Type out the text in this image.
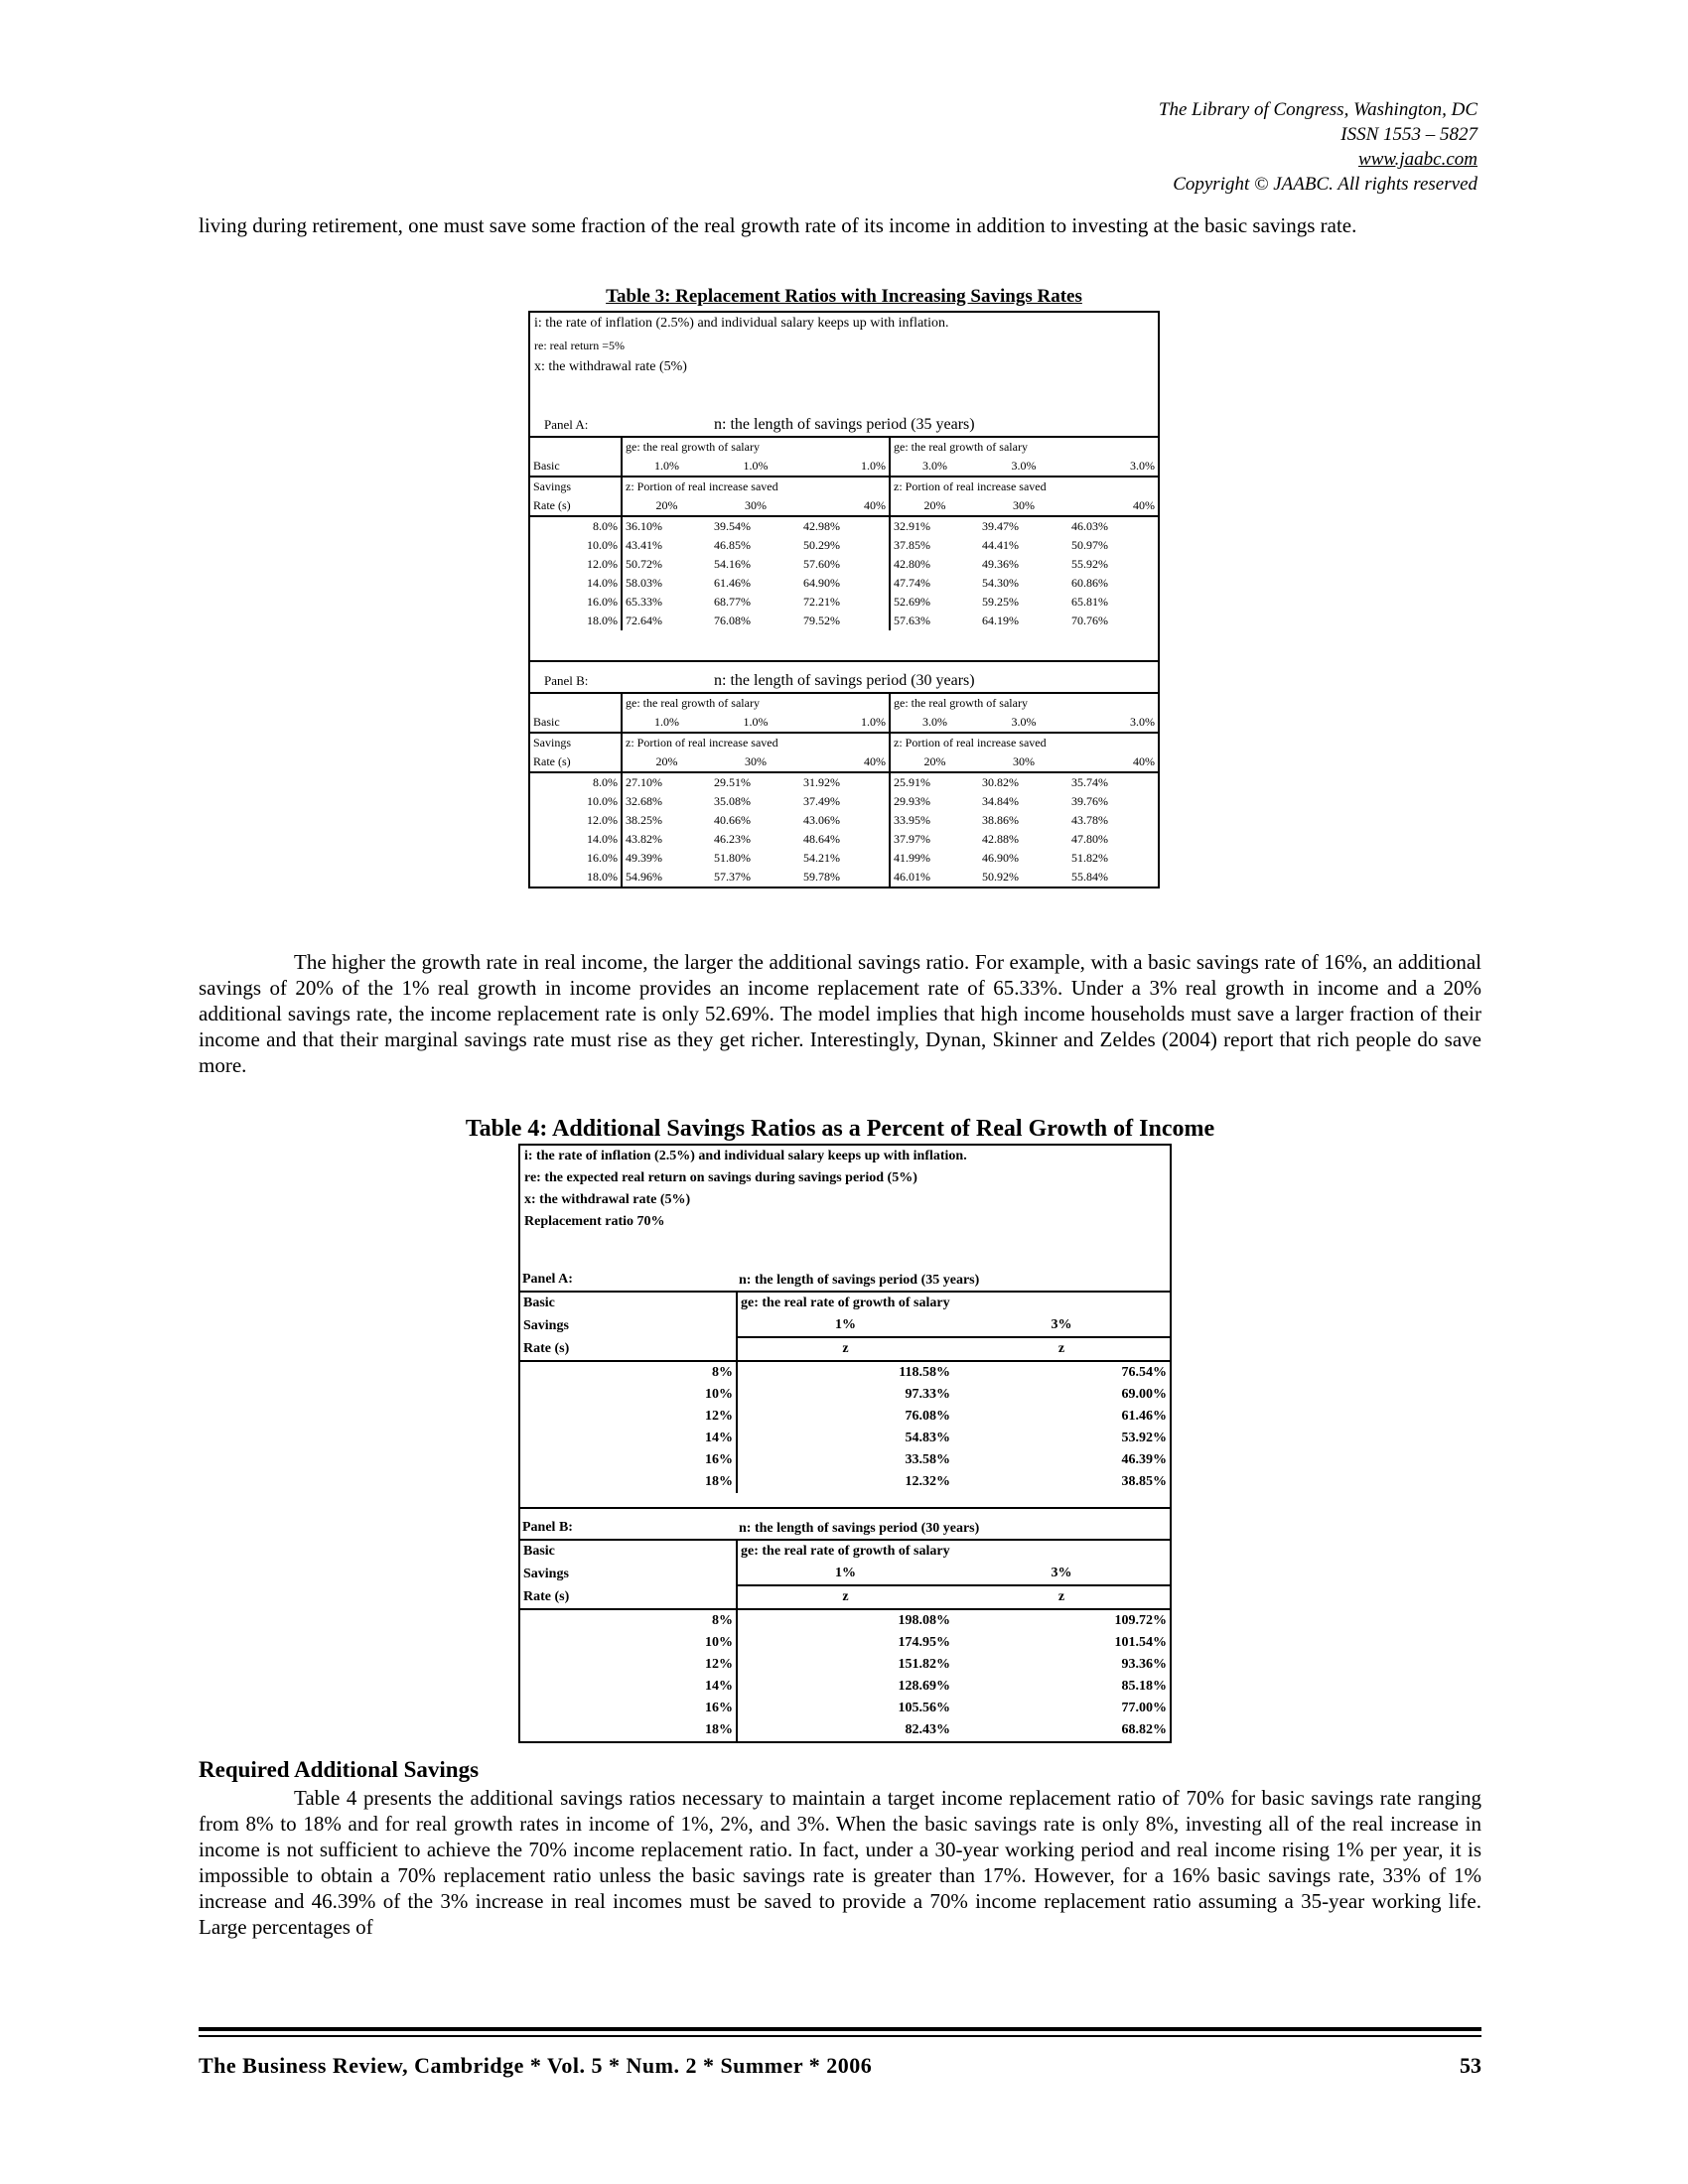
The Library of Congress, Washington, DC
ISSN 1553 – 5827
www.jaabc.com
Copyright © JAABC. All rights reserved
living during retirement, one must save some fraction of the real growth rate of its income in addition to investing at the basic savings rate.
Table 3: Replacement Ratios with Increasing Savings Rates
i: the rate of inflation (2.5%) and individual salary keeps up with inflation.
re: real return =5%
x: the withdrawal rate (5%)
Panel A:	n: the length of savings period (35 years)
	ge: the real growth of salary			ge: the real growth of salary		
Basic	1.0%	1.0%	1.0%	3.0%	3.0%	3.0%
Savings	z: Portion of real increase saved			z: Portion of real increase saved		
Rate (s)	20%	30%	40%	20%	30%	40%
8.0%	36.10%	39.54%	42.98%	32.91%	39.47%	46.03%
10.0%	43.41%	46.85%	50.29%	37.85%	44.41%	50.97%
12.0%	50.72%	54.16%	57.60%	42.80%	49.36%	55.92%
14.0%	58.03%	61.46%	64.90%	47.74%	54.30%	60.86%
16.0%	65.33%	68.77%	72.21%	52.69%	59.25%	65.81%
18.0%	72.64%	76.08%	79.52%	57.63%	64.19%	70.76%
Panel B:	n: the length of savings period (30 years)
	ge: the real growth of salary			ge: the real growth of salary		
Basic	1.0%	1.0%	1.0%	3.0%	3.0%	3.0%
Savings	z: Portion of real increase saved			z: Portion of real increase saved		
Rate (s)	20%	30%	40%	20%	30%	40%
8.0%	27.10%	29.51%	31.92%	25.91%	30.82%	35.74%
10.0%	32.68%	35.08%	37.49%	29.93%	34.84%	39.76%
12.0%	38.25%	40.66%	43.06%	33.95%	38.86%	43.78%
14.0%	43.82%	46.23%	48.64%	37.97%	42.88%	47.80%
16.0%	49.39%	51.80%	54.21%	41.99%	46.90%	51.82%
18.0%	54.96%	57.37%	59.78%	46.01%	50.92%	55.84%
The higher the growth rate in real income, the larger the additional savings ratio. For example, with a basic savings rate of 16%, an additional savings of 20% of the 1% real growth in income provides an income replacement rate of 65.33%. Under a 3% real growth in income and a 20% additional savings rate, the income replacement rate is only 52.69%. The model implies that high income households must save a larger fraction of their income and that their marginal savings rate must rise as they get richer. Interestingly, Dynan, Skinner and Zeldes (2004) report that rich people do save more.
Table 4: Additional Savings Ratios as a Percent of Real Growth of Income
i: the rate of inflation (2.5%) and individual salary keeps up with inflation.
re: the expected real return on savings during savings period (5%)
x: the withdrawal rate (5%)
Replacement ratio 70%
Panel A:	n: the length of savings period (35 years)
Basic	ge: the real rate of growth of salary	
Savings	1%	3%
Rate (s)	z	z
8%	118.58%	76.54%
10%	97.33%	69.00%
12%	76.08%	61.46%
14%	54.83%	53.92%
16%	33.58%	46.39%
18%	12.32%	38.85%
Panel B:	n: the length of savings period (30 years)
Basic	ge: the real rate of growth of salary	
Savings	1%	3%
Rate (s)	z	z
8%	198.08%	109.72%
10%	174.95%	101.54%
12%	151.82%	93.36%
14%	128.69%	85.18%
16%	105.56%	77.00%
18%	82.43%	68.82%
Required Additional Savings
Table 4 presents the additional savings ratios necessary to maintain a target income replacement ratio of 70% for basic savings rate ranging from 8% to 18% and for real growth rates in income of 1%, 2%, and 3%. When the basic savings rate is only 8%, investing all of the real increase in income is not sufficient to achieve the 70% income replacement ratio. In fact, under a 30-year working period and real income rising 1% per year, it is impossible to obtain a 70% replacement ratio unless the basic savings rate is greater than 17%. However, for a 16% basic savings rate, 33% of 1% increase and 46.39% of the 3% increase in real incomes must be saved to provide a 70% income replacement ratio assuming a 35-year working life. Large percentages of
The Business Review, Cambridge * Vol. 5 * Num. 2 * Summer * 2006	53
